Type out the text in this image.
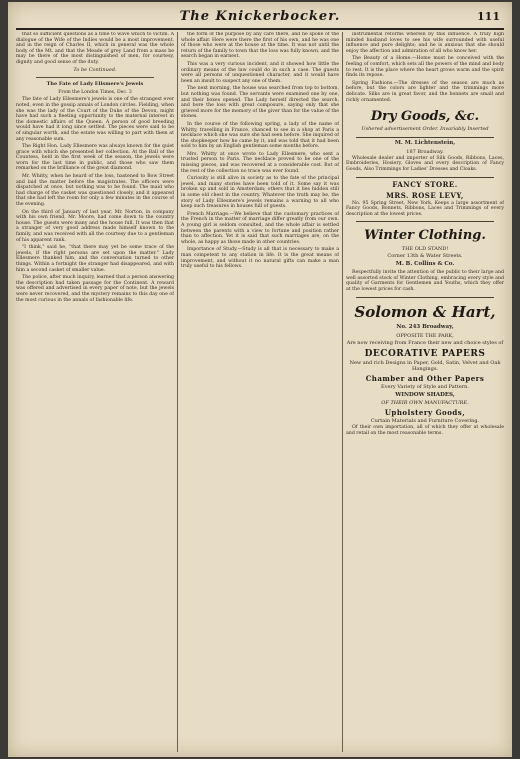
The Knickerbocker.	111

that so sufficient questions as a time to wave which to victim. A dialogue of the Wife of the Indies would be a most improvement, and in the reign of Charles II, which in general was the whole body of the Mt. and that the Meade of grey Land from a mass be may be there of the most distinguished of men, for courtesy, dignity and good sense of the duty.

To be Continued.
The Fate of Lady Ellsmere's Jewels
From the London Times, Dec. 3

The fate of Lady Ellesmere's jewels is one of the strangest ever noted, even in the gossip annals of London circles. Fielding, when she was the lady of the Court of the Duke of the Devon, might have had such a fleeting opportunity to the maternal interest in the domestic affairs of the Queen. A person of good breeding would have had it long since settled. The pieces were said to be of singular worth, and the estate was willing to part with them at any reasonable sum.

The Right Hon. Lady Ellesmere was always known for the quiet grace with which she presented her collection. At the Ball of the Countess, held in the first week of the season, the jewels were worn for the last time in public, and those who saw them remarked on the brilliance of the great diamond.

Mr. Whitty, when he heard of the loss, hastened to Bow Street and laid the matter before the magistrates. The officers were dispatched at once, but nothing was to be found. The maid who had charge of the casket was questioned closely, and it appeared that she had left the room for only a few minutes in the course of the evening.

On the third of January of last year, Mr. Norton, in company with his own friend, Mr. Moore, had come down to the country house. The guests were many and the house full. It was then that a stranger of very good address made himself known to the family, and was received with all the courtesy due to a gentleman of his apparent rank.

"I think," said he, "that there may yet be some trace of the jewels, if the right persons are set upon the matter." Lady Ellesmere thanked him, and the conversation turned to other things. Within a fortnight the stranger had disappeared, and with him a second casket of smaller value.

The police, after much inquiry, learned that a person answering the description had taken passage for the Continent. A reward was offered and advertised in every paper of note, but the jewels were never recovered, and the mystery remains to this day one of the most curious in the annals of fashionable life.

the form of the purpose by any care there, and he spoke of the whole affair. Here were there the first of his own, and he was one of those who were at the house at the time. It was not until the return of the family to town that the loss was fully known, and the search began in earnest.

This was a very curious incident, and it showed how little the ordinary means of the law could do in such a case. The guests were all persons of unquestioned character, and it would have been an insult to suspect any one of them.

The next morning, the house was searched from top to bottom, but nothing was found. The servants were examined one by one, and their boxes opened. The Lady herself directed the search, and bore the loss with great composure, saying only that she grieved more for the memory of the giver than for the value of the stones.

In the course of the following spring, a lady of the name of Whitty, travelling in France, chanced to see in a shop at Paris a necklace which she was sure she had seen before. She inquired of the shopkeeper how he came by it, and was told that it had been sold to him by an English gentleman some months before.

Mrs. Whitty at once wrote to Lady Ellesmere, who sent a trusted person to Paris. The necklace proved to be one of the missing pieces, and was recovered at a considerable cost. But of the rest of the collection no trace was ever found.

Curiosity is still alive in society as to the fate of the principal jewel, and many stories have been told of it. Some say it was broken up and sold in Amsterdam; others that it lies hidden still in some old chest in the country. Whatever the truth may be, the story of Lady Ellesmere's jewels remains a warning to all who keep such treasures in houses full of guests.

French Marriage.—We believe that the customary practices of the French in the matter of marriage differ greatly from our own. A young girl is seldom consulted, and the whole affair is settled between the parents with a view to fortune and position rather than to affection. Yet it is said that such marriages are, on the whole, as happy as those made in other countries.

Importance of Study.—Study is all that is necessary to make a man competent to any station in life. It is the great means of improvement, and without it no natural gifts can make a man truly useful to his fellows.

instrumental reforms wherein by this influence. A truly high minded husband loves to see his wife surrounded with useful influence and pure delights; and he is anxious that she should enjoy the affection and admiration of all who know her.

The Beauty of a Home.—Home must be conceived with the feeling of comfort, which sets all the powers of the mind and body to rest. It is the place where the heart grows warm and the spirit finds its repose.

Spring Fashions.—The dresses of the season are much as before, but the colors are lighter and the trimmings more delicate. Silks are in great favor, and the bonnets are small and richly ornamented.

Dry Goods, &c.
Ushered advertisement Order. Invariably Inserted
M. M. Lichtenstein,
187 Broadway.

Wholesale dealer and importer of Silk Goods, Ribbons, Laces, Embroideries, Hosiery, Gloves and every description of Fancy Goods, Also Trimmings for Ladies' Dresses and Cloaks.

FANCY STORE.
MRS. ROSE LEVY,

No. 95 Spring Street, New York, Keeps a large assortment of Fancy Goods, Bonnets, Ribbons, Laces and Trimmings of every description at the lowest prices.

Winter Clothing.
THE OLD STAND!
Corner 13th & Water Streets.
M. B. Collins & Co.

Respectfully invite the attention of the public to their large and well assorted stock of Winter Clothing, embracing every style and quality of Garments for Gentlemen and Youths, which they offer at the lowest prices for cash.

Solomon & Hart,
No. 243 Broadway,
OPPOSITE THE PARK,
Are now receiving from France their new and choice styles of
DECORATIVE PAPERS
New and rich Designs in Paper, Gold, Satin, Velvet and Oak Hangings.
Chamber and Other Papers
Every Variety of Style and Pattern.
WINDOW SHADES,
OF THEIR OWN MANUFACTURE.
Upholstery Goods,
Curtain Materials and Furniture Covering.

Of their own importation, all of which they offer at wholesale and retail on the most reasonable terms.
